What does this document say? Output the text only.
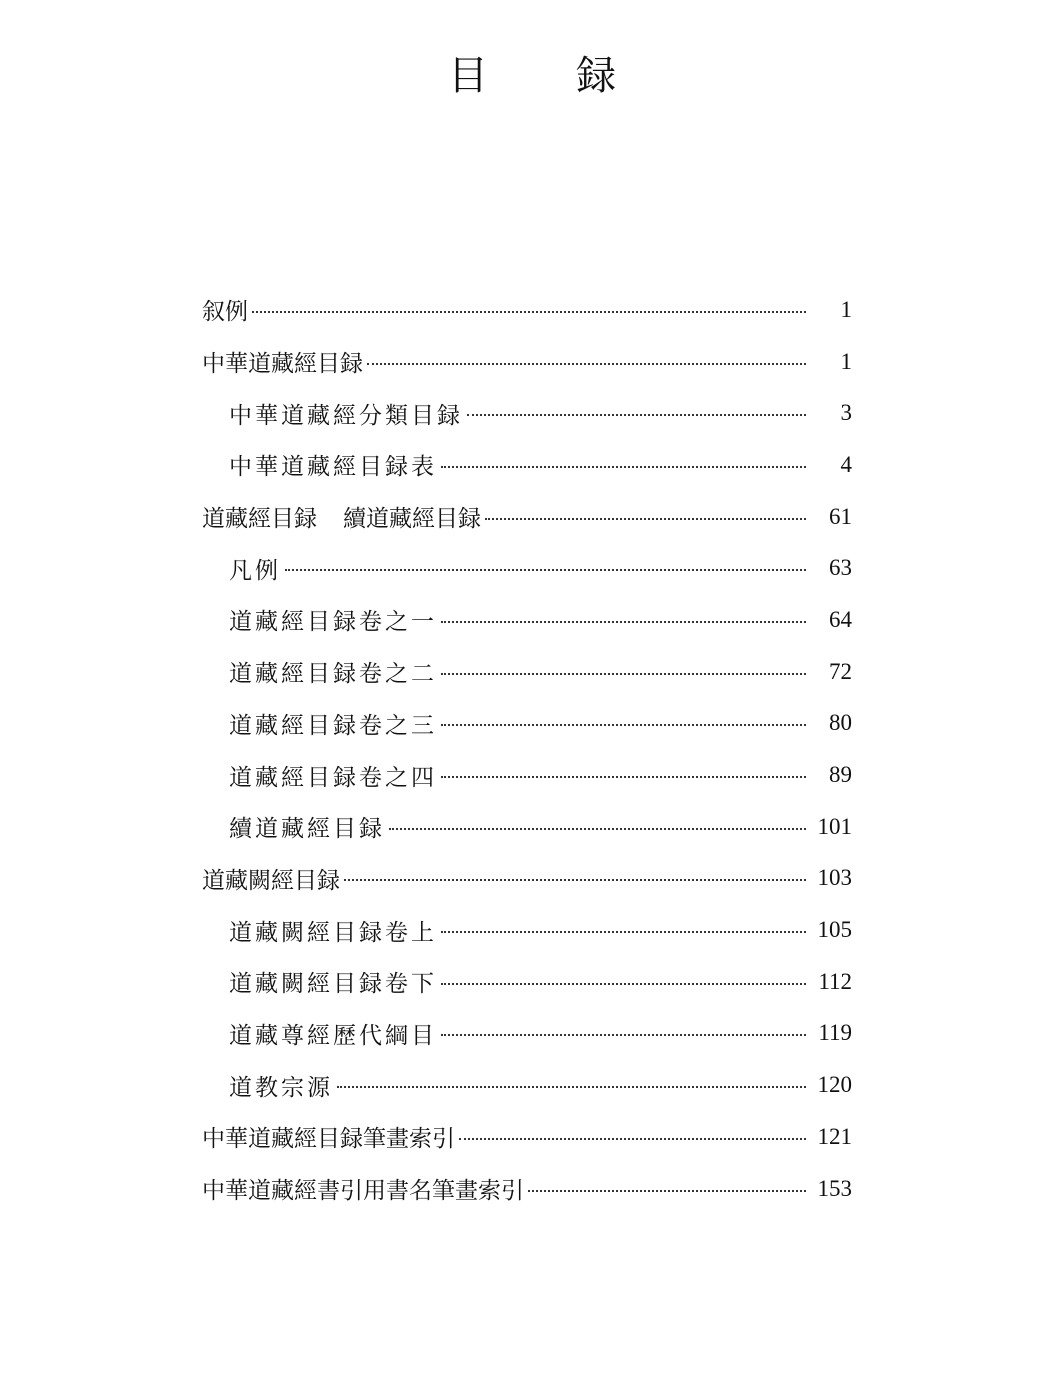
目録
叙例	1
中華道藏經目録	1
中華道藏經分類目録	3
中華道藏經目録表	4
道藏經目録 續道藏經目録	61
凡例	63
道藏經目録卷之一	64
道藏經目録卷之二	72
道藏經目録卷之三	80
道藏經目録卷之四	89
續道藏經目録	101
道藏闕經目録	103
道藏闕經目録卷上	105
道藏闕經目録卷下	112
道藏尊經歷代綱目	119
道教宗源	120
中華道藏經目録筆畫索引	121
中華道藏經書引用書名筆畫索引	153
